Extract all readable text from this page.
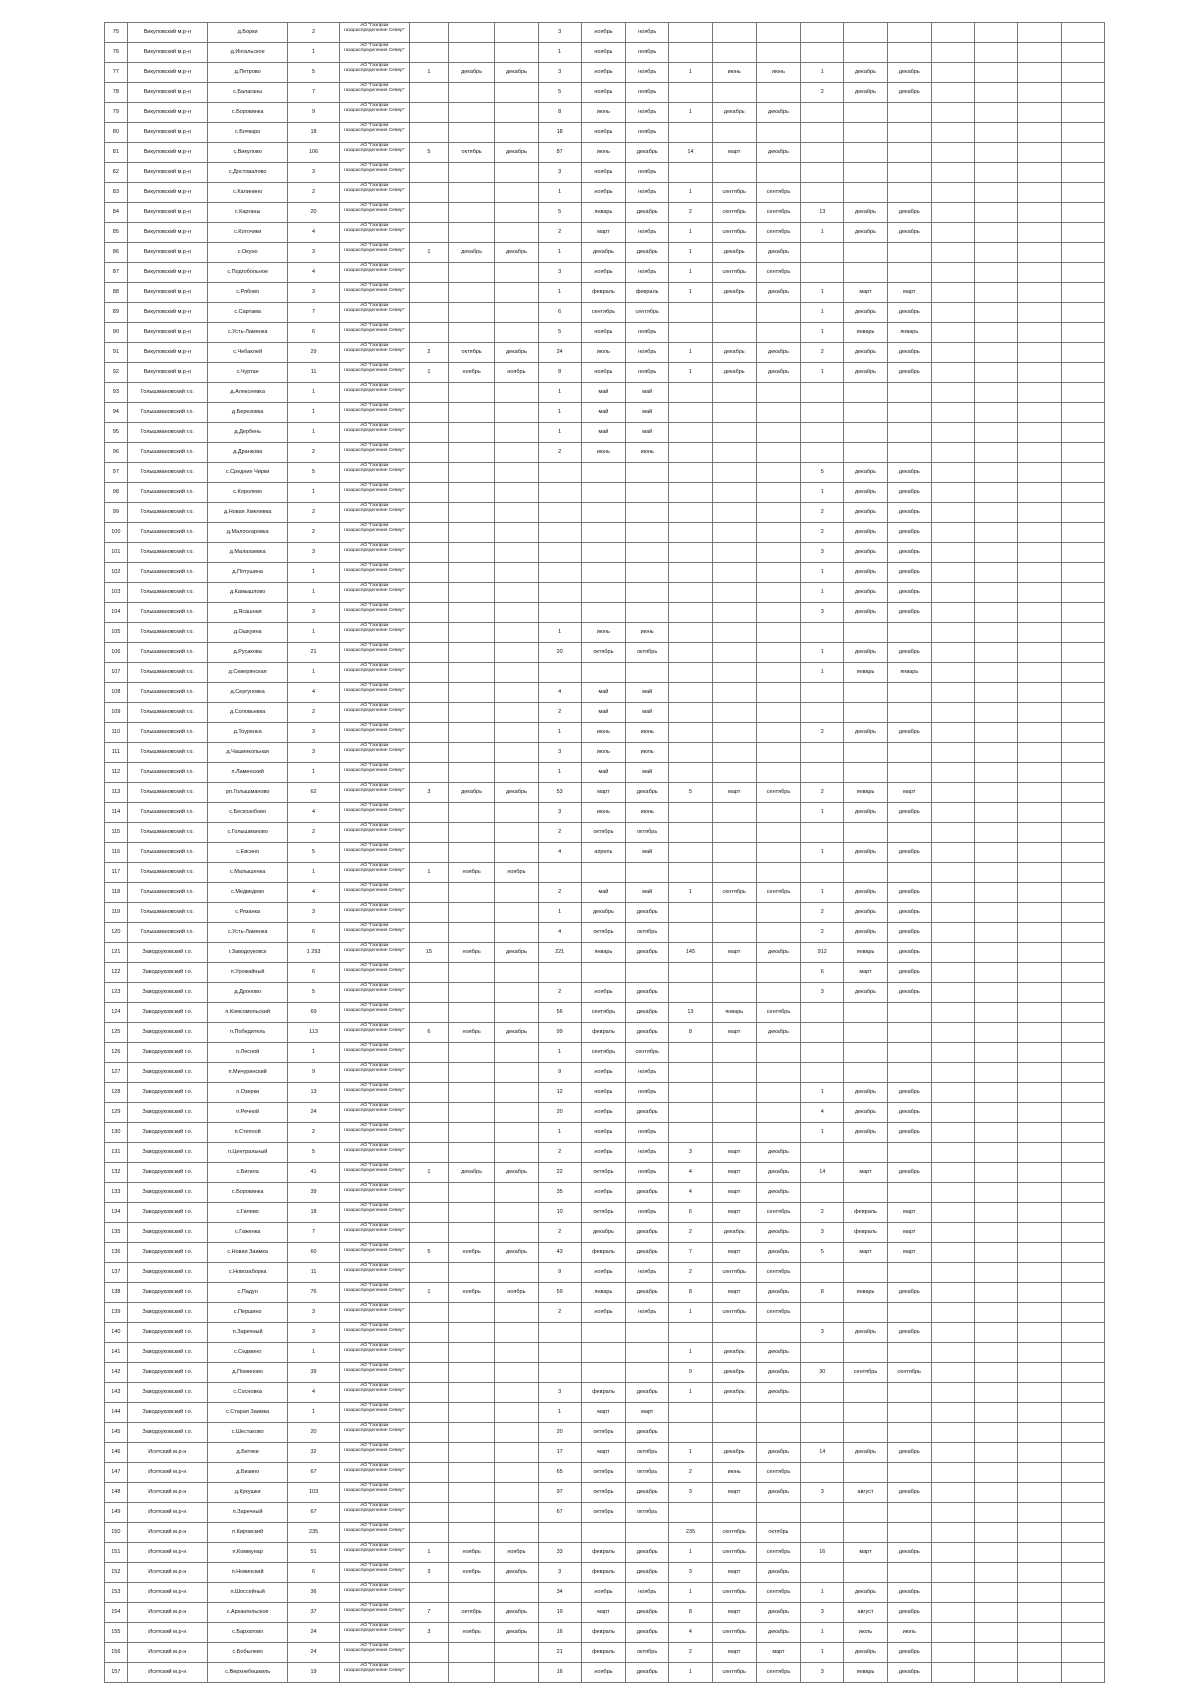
75	Викуловский м.р-н	д.Борки	2	АО "Газпром газораспределение Север"				3	ноябрь	ноябрь										
76	Викуловский м.р-н	д.Ингальское	1	АО "Газпром газораспределение Север"				1	ноябрь	ноябрь										
77	Викуловский м.р-н	д.Петрово	5	АО "Газпром газораспределение Север"	1	декабрь	декабрь	3	ноябрь	ноябрь	1	июнь	июнь	1	декабрь	декабрь				
78	Викуловский м.р-н	с.Балаганы	7	АО "Газпром газораспределение Север"				5	ноябрь	ноябрь				2	декабрь	декабрь				
79	Викуловский м.р-н	с.Боровинка	9	АО "Газпром газораспределение Север"				8	июнь	ноябрь	1	декабрь	декабрь							
80	Викуловский м.р-н	с.Бочкаро	18	АО "Газпром газораспределение Север"				18	ноябрь	ноябрь										
81	Викуловский м.р-н	с.Викулово	106	АО "Газпром газораспределение Север"	5	октябрь	декабрь	87	июнь	декабрь	14	март	декабрь							
82	Викуловский м.р-н	с.Достовалово	3	АО "Газпром газораспределение Север"				3	ноябрь	ноябрь										
83	Викуловский м.р-н	с.Калинино	2	АО "Газпром газораспределение Север"				1	ноябрь	ноябрь	1	сентябрь	сентябрь							
84	Викуловский м.р-н	с.Карганы	20	АО "Газпром газораспределение Север"				5	январь	декабрь	2	сентябрь	сентябрь	13	декабрь	декабрь				
85	Викуловский м.р-н	с.Коточики	4	АО "Газпром газораспределение Север"				2	март	ноябрь	1	сентябрь	сентябрь	1	декабрь	декабрь				
86	Викуловский м.р-н	с.Окуно	3	АО "Газпром газораспределение Север"	1	декабрь	декабрь	1	декабрь	декабрь	1	декабрь	декабрь							
87	Викуловский м.р-н	с.Подгобольное	4	АО "Газпром газораспределение Север"				3	ноябрь	ноябрь	1	сентябрь	сентябрь							
88	Викуловский м.р-н	с.Рябово	3	АО "Газпром газораспределение Север"				1	февраль	февраль	1	декабрь	декабрь	1	март	март				
89	Викуловский м.р-н	с.Сартама	7	АО "Газпром газораспределение Север"				6	сентябрь	сентябрь				1	декабрь	декабрь				
90	Викуловский м.р-н	с.Усть-Ламенка	6	АО "Газпром газораспределение Север"				5	ноябрь	ноябрь				1	январь	январь				
91	Викуловский м.р-н	с.Чебаклей	29	АО "Газпром газораспределение Север"	2	октябрь	декабрь	24	июль	ноябрь	1	декабрь	декабрь	2	декабрь	декабрь				
92	Викуловский м.р-н	с.Чуртан	11	АО "Газпром газораспределение Север"	1	ноябрь	ноябрь	8	ноябрь	ноябрь	1	декабрь	декабрь	1	декабрь	декабрь				
93	Голышмановский г.о.	д.Алексеевка	1	АО "Газпром газораспределение Север"				1	май	май										
94	Голышмановский г.о.	д.Березовка	1	АО "Газпром газораспределение Север"				1	май	май										
95	Голышмановский г.о.	д.Дербень	1	АО "Газпром газораспределение Север"				1	май	май										
96	Голышмановский г.о.	д.Дранкова	2	АО "Газпром газораспределение Север"				2	июнь	июнь										
97	Голышмановский г.о.	с.Средние Чирки	5	АО "Газпром газораспределение Север"										5	декабрь	декабрь				
98	Голышмановский г.о.	с.Королево	1	АО "Газпром газораспределение Север"										1	декабрь	декабрь				
99	Голышмановский г.о.	д.Новая Хмелевка	2	АО "Газпром газораспределение Север"										2	декабрь	декабрь				
100	Голышмановский г.о.	д.Малоскаровка	2	АО "Газпром газораспределение Север"										2	декабрь	декабрь				
101	Голышмановский г.о.	д.Малахаевка	3	АО "Газпром газораспределение Север"										3	декабрь	декабрь				
102	Голышмановский г.о.	д.Пятушина	1	АО "Газпром газораспределение Север"										1	декабрь	декабрь				
103	Голышмановский г.о.	д.Камышлово	1	АО "Газпром газораспределение Север"										1	декабрь	декабрь				
104	Голышмановский г.о.	д.Ясашная	3	АО "Газпром газораспределение Север"										3	декабрь	декабрь				
105	Голышмановский г.о.	д.Ошкуина	1	АО "Газпром газораспределение Север"				1	июнь	июнь										
106	Голышмановский г.о.	д.Русакова	21	АО "Газпром газораспределение Север"				20	октябрь	октябрь				1	декабрь	декабрь				
107	Голышмановский г.о.	д.Северянская	1	АО "Газпром газораспределение Север"										1	январь	январь				
108	Голышмановский г.о.	д.Сергуновка	4	АО "Газпром газораспределение Север"				4	май	май										
109	Голышмановский г.о.	д.Соловьевка	2	АО "Газпром газораспределение Север"				2	май	май										
110	Голышмановский г.о.	д.Тоуренка	3	АО "Газпром газораспределение Север"				1	июнь	июнь				2	декабрь	декабрь				
111	Голышмановский г.о.	д.Чашинкольная	3	АО "Газпром газораспределение Север"				3	июль	июль										
112	Голышмановский г.о.	п.Ламенский	1	АО "Газпром газораспределение Север"				1	май	май										
113	Голышмановский г.о.	рп.Голышманово	62	АО "Газпром газораспределение Север"	3	декабрь	декабрь	53	март	декабрь	5	март	сентябрь	2	январь	март				
114	Голышмановский г.о.	с.Бескозобово	4	АО "Газпром газораспределение Север"				3	июнь	июнь				1	декабрь	декабрь				
115	Голышмановский г.о.	с.Голышманово	2	АО "Газпром газораспределение Север"				2	октябрь	октябрь										
116	Голышмановский г.о.	с.Евсино	5	АО "Газпром газораспределение Север"				4	апрель	май				1	декабрь	декабрь				
117	Голышмановский г.о.	с.Малышенка	1	АО "Газпром газораспределение Север"	1	ноябрь	ноябрь													
118	Голышмановский г.о.	с.Медведево	4	АО "Газпром газораспределение Север"				2	май	май	1	сентябрь	сентябрь	1	декабрь	декабрь				
119	Голышмановский г.о.	с.Рязанка	3	АО "Газпром газораспределение Север"				1	декабрь	декабрь				2	декабрь	декабрь				
120	Голышмановский г.о.	с.Усть-Ламенка	6	АО "Газпром газораспределение Север"				4	октябрь	октябрь				2	декабрь	декабрь				
121	Заводоуковский г.о.	г.Заводоуковск	1 293	АО "Газпром газораспределение Север"	15	ноябрь	декабрь	221	январь	декабрь	145	март	декабрь	912	январь	декабрь				
122	Заводоуковский г.о.	п.Урожайный	6	АО "Газпром газораспределение Север"										6	март	декабрь				
123	Заводоуковский г.о.	д.Дроново	5	АО "Газпром газораспределение Север"				2	ноябрь	декабрь				3	декабрь	декабрь				
124	Заводоуковский г.о.	п.Комсомольский	69	АО "Газпром газораспределение Север"				56	сентябрь	декабрь	13	январь	сентябрь							
125	Заводоуковский г.о.	п.Победитель	113	АО "Газпром газораспределение Север"	6	ноябрь	декабрь	99	февраль	декабрь	8	март	декабрь							
126	Заводоуковский г.о.	п.Лесной	1	АО "Газпром газораспределение Север"				1	сентябрь	сентябрь										
127	Заводоуковский г.о.	п.Мичуринский	9	АО "Газпром газораспределение Север"				9	ноябрь	ноябрь										
128	Заводоуковский г.о.	п.Озерки	13	АО "Газпром газораспределение Север"				12	ноябрь	ноябрь				1	декабрь	декабрь				
129	Заводоуковский г.о.	п.Речной	24	АО "Газпром газораспределение Север"				20	ноябрь	декабрь				4	декабрь	декабрь				
130	Заводоуковский г.о.	п.Степной	2	АО "Газпром газораспределение Север"				1	ноябрь	ноябрь				1	декабрь	декабрь				
131	Заводоуковский г.о.	п.Центральный	5	АО "Газпром газораспределение Север"				2	ноябрь	ноябрь	3	март	декабрь							
132	Заводоуковский г.о.	с.Бигила	41	АО "Газпром газораспределение Север"	1	декабрь	декабрь	22	октябрь	ноябрь	4	март	декабрь	14	март	декабрь				
133	Заводоуковский г.о.	с.Боровинка	39	АО "Газпром газораспределение Север"				35	ноябрь	декабрь	4	март	декабрь							
134	Заводоуковский г.о.	с.Гилево	18	АО "Газпром газораспределение Север"				10	октябрь	ноябрь	6	март	сентябрь	2	февраль	март				
135	Заводоуковский г.о.	с.Гаженка	7	АО "Газпром газораспределение Север"				2	декабрь	декабрь	2	декабрь	декабрь	3	февраль	март				
136	Заводоуковский г.о.	с.Новая Заимка	60	АО "Газпром газораспределение Север"	5	ноябрь	декабрь	43	февраль	декабрь	7	март	декабрь	5	март	март				
137	Заводоуковский г.о.	с.Новозаборка	11	АО "Газпром газораспределение Север"				9	ноябрь	ноябрь	2	сентябрь	сентябрь							
138	Заводоуковский г.о.	с.Падун	76	АО "Газпром газораспределение Север"	1	ноябрь	ноябрь	59	январь	декабрь	8	март	декабрь	8	январь	декабрь				
139	Заводоуковский г.о.	с.Першино	3	АО "Газпром газораспределение Север"				2	ноябрь	ноябрь	1	сентябрь	сентябрь							
140	Заводоуковский г.о.	п.Заречный	3	АО "Газпром газораспределение Север"										3	декабрь	декабрь				
141	Заводоуковский г.о.	с.Седмино	1	АО "Газпром газораспределение Север"							1	декабрь	декабрь							
142	Заводоуковский г.о.	д.Поминово	39	АО "Газпром газораспределение Север"							9	декабрь	декабрь	30	сентябрь	сентябрь				
143	Заводоуковский г.о.	с.Сосновка	4	АО "Газпром газораспределение Север"				3	февраль	декабрь	1	декабрь	декабрь							
144	Заводоуковский г.о.	с.Старая Заимка	1	АО "Газпром газораспределение Север"				1	март	март										
145	Заводоуковский г.о.	с.Шестаково	20	АО "Газпром газораспределение Север"				20	октябрь	декабрь										
146	Исетский м.р-н	д.Бетяки	32	АО "Газпром газораспределение Север"				17	март	октябрь	1	декабрь	декабрь	14	декабрь	декабрь				
147	Исетский м.р-н	д.Бизино	67	АО "Газпром газораспределение Север"				65	октябрь	октябрь	2	июнь	сентябрь							
148	Исетский м.р-н	д.Кукушки	103	АО "Газпром газораспределение Север"				97	октябрь	декабрь	3	март	декабрь	3	август	декабрь				
149	Исетский м.р-н	п.Заречный	67	АО "Газпром газораспределение Север"				67	октябрь	октябрь										
150	Исетский м.р-н	п.Кировский	235	АО "Газпром газораспределение Север"							235	сентябрь	октябрь							
151	Исетский м.р-н	п.Коммунар	51	АО "Газпром газораспределение Север"	1	ноябрь	ноябрь	33	февраль	декабрь	1	сентябрь	сентябрь	16	март	декабрь				
152	Исетский м.р-н	п.Новинский	6	АО "Газпром газораспределение Север"	3	ноябрь	декабрь	3	февраль	декабрь	3	март	декабрь							
153	Исетский м.р-н	п.Шоссейный	36	АО "Газпром газораспределение Север"				34	ноябрь	ноябрь	1	сентябрь	сентябрь	1	декабрь	декабрь				
154	Исетский м.р-н	с.Архангельское	37	АО "Газпром газораспределение Север"	7	октябрь	декабрь	19	март	декабрь	8	март	декабрь	3	август	декабрь				
155	Исетский м.р-н	с.Бархатово	24	АО "Газпром газораспределение Север"	3	ноябрь	декабрь	16	февраль	декабрь	4	сентябрь	декабрь	1	июль	июль				
156	Исетский м.р-н	с.Бобылево	24	АО "Газпром газораспределение Север"				21	февраль	октябрь	2	март	март	1	декабрь	декабрь				
157	Исетский м.р-н	с.Верхнебешкиль	19	АО "Газпром газораспределение Север"				16	ноябрь	декабрь	1	сентябрь	сентябрь	3	январь	декабрь				
